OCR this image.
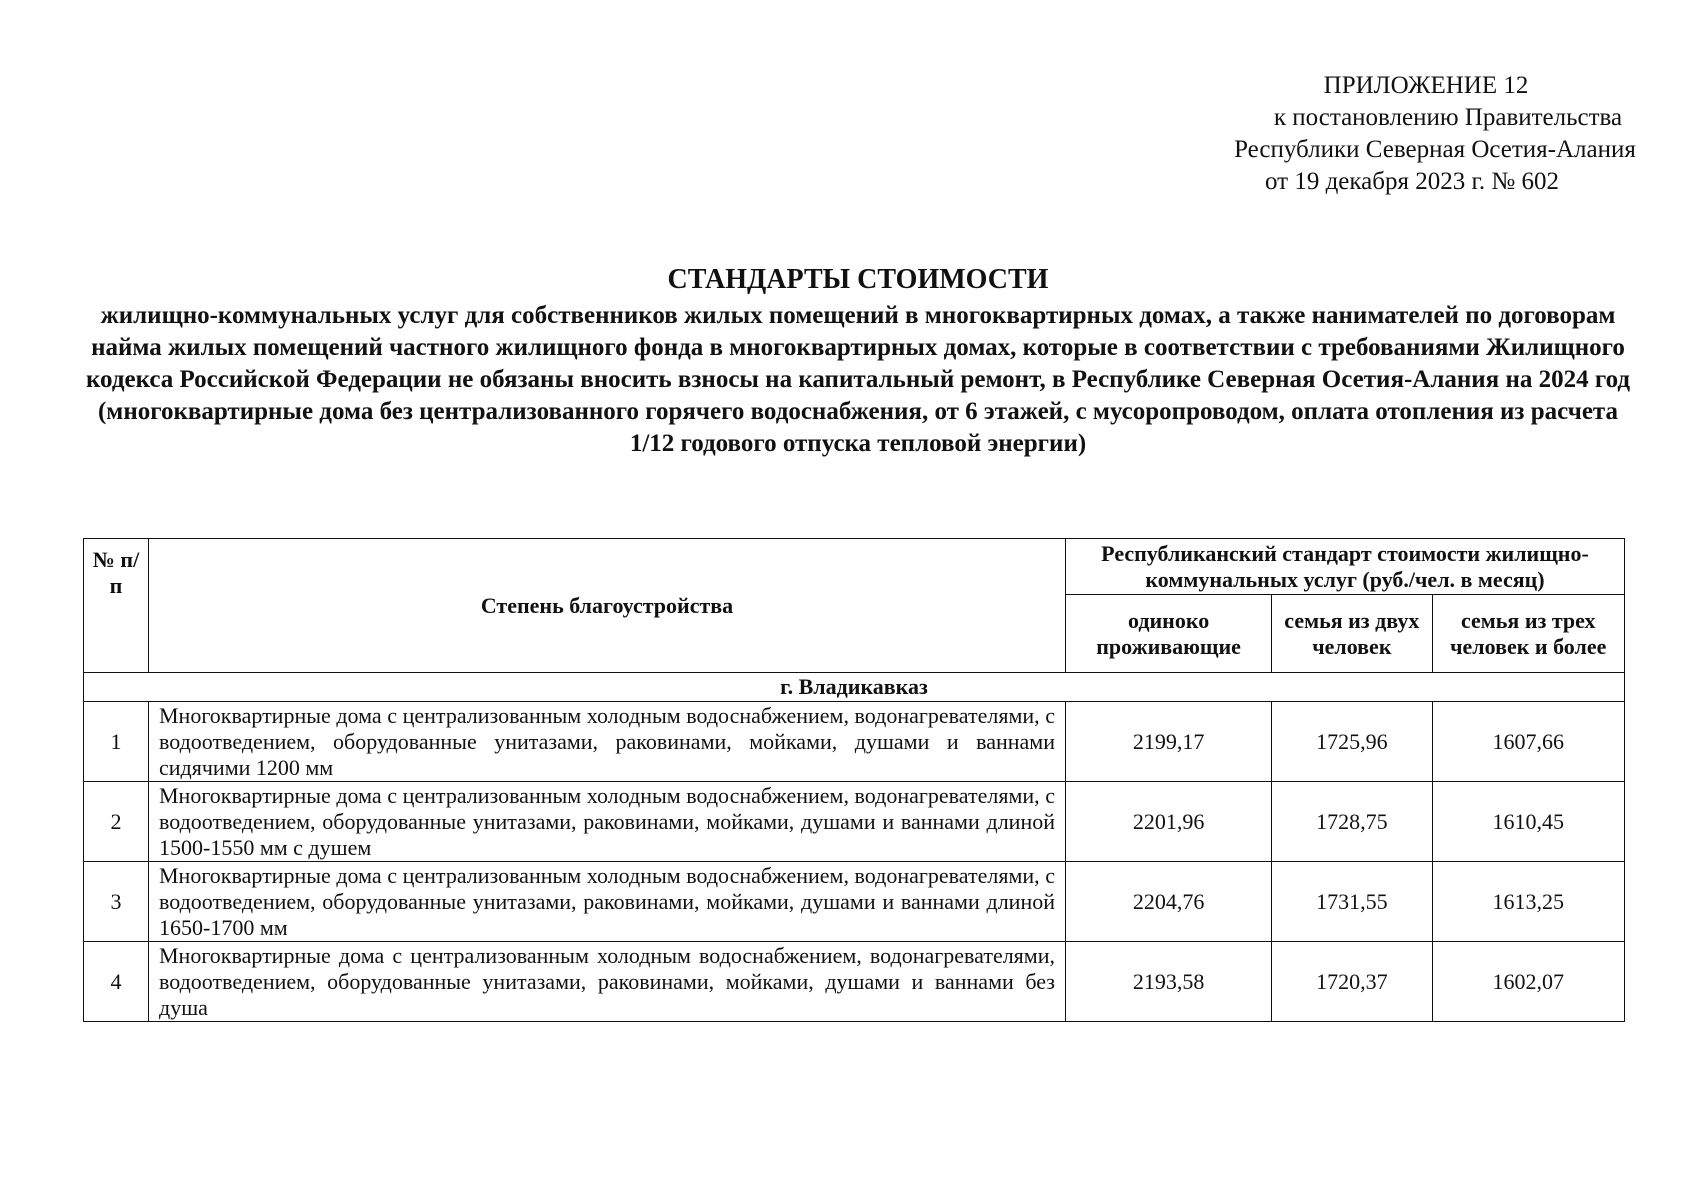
ПРИЛОЖЕНИЕ 12
к постановлению Правительства
Республики Северная Осетия-Алания
от 19 декабря 2023 г. № 602
СТАНДАРТЫ СТОИМОСТИ
жилищно-коммунальных услуг для собственников жилых помещений в многоквартирных домах, а также нанимателей по договорам найма жилых помещений частного жилищного фонда в многоквартирных домах, которые в соответствии с требованиями Жилищного кодекса Российской Федерации не обязаны вносить взносы на капитальный ремонт, в Республике Северная Осетия-Алания на 2024 год
(многоквартирные дома без централизованного горячего водоснабжения, от 6 этажей, с мусоропроводом, оплата отопления из расчета 1/12 годового отпуска тепловой энергии)
№ п/п	Степень благоустройства	Республиканский стандарт стоимости жилищно-коммунальных услуг (руб./чел. в месяц)		
		одиноко проживающие	семья из двух человек	семья из трех человек и более
г. Владикавказ				
1	Многоквартирные дома с централизованным холодным водоснабжением, водонагревателями, с водоотведением, оборудованные унитазами, раковинами, мойками, душами и ваннами сидячими 1200 мм	2199,17	1725,96	1607,66
2	Многоквартирные дома с централизованным холодным водоснабжением, водонагревателями, с водоотведением, оборудованные унитазами, раковинами, мойками, душами и ваннами длиной 1500-1550 мм с душем	2201,96	1728,75	1610,45
3	Многоквартирные дома с централизованным холодным водоснабжением, водонагревателями, с водоотведением, оборудованные унитазами, раковинами, мойками, душами и ваннами длиной 1650-1700 мм	2204,76	1731,55	1613,25
4	Многоквартирные дома с централизованным холодным водоснабжением, водонагревателями, водоотведением, оборудованные унитазами, раковинами, мойками, душами и ваннами без душа	2193,58	1720,37	1602,07
